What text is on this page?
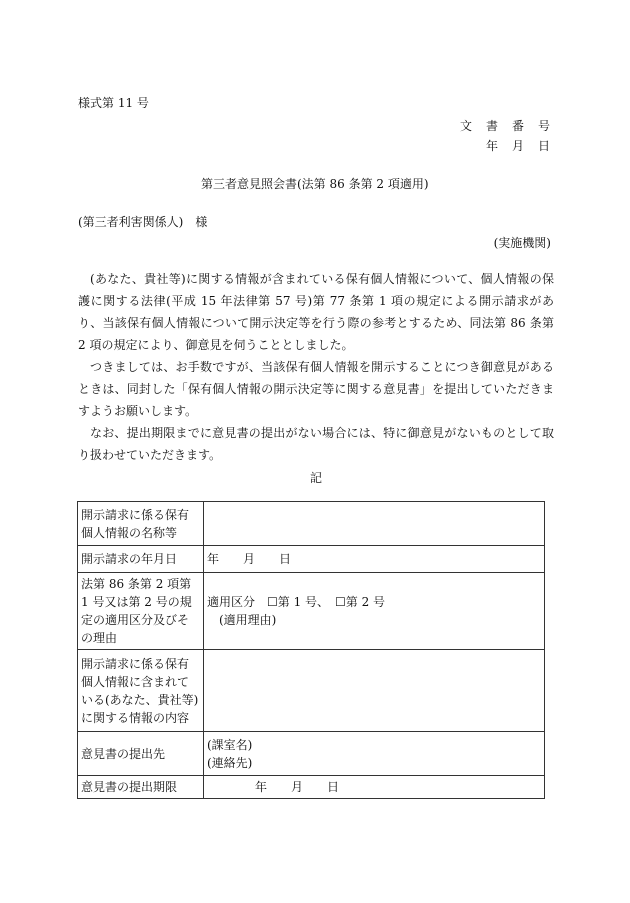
様式第 11 号
文　書　番　号
年　月　日
第三者意見照会書(法第 86 条第 2 項適用)
(第三者利害関係人)　様
(実施機関)
(あなた、貴社等)に関する情報が含まれている保有個人情報について、個人情報の保護に関する法律(平成 15 年法律第 57 号)第 77 条第 1 項の規定による開示請求があり、当該保有個人情報について開示決定等を行う際の参考とするため、同法第 86 条第 2 項の規定により、御意見を伺うこととしました。
つきましては、お手数ですが、当該保有個人情報を開示することにつき御意見があるときは、同封した「保有個人情報の開示決定等に関する意見書」を提出していただきますようお願いします。
なお、提出期限までに意見書の提出がない場合には、特に御意見がないものとして取り扱わせていただきます。
記
開示請求に係る保有個人情報の名称等	
開示請求の年月日	年　　月　　日
法第 86 条第 2 項第 1 号又は第 2 号の規定の適用区分及びその理由	適用区分　☐第 1 号、　☐第 2 号
(適用理由)

開示請求に係る保有個人情報に含まれている(あなた、貴社等)に関する情報の内容	
意見書の提出先	(課室名)
(連絡先)

意見書の提出期限	年　　月　　日
